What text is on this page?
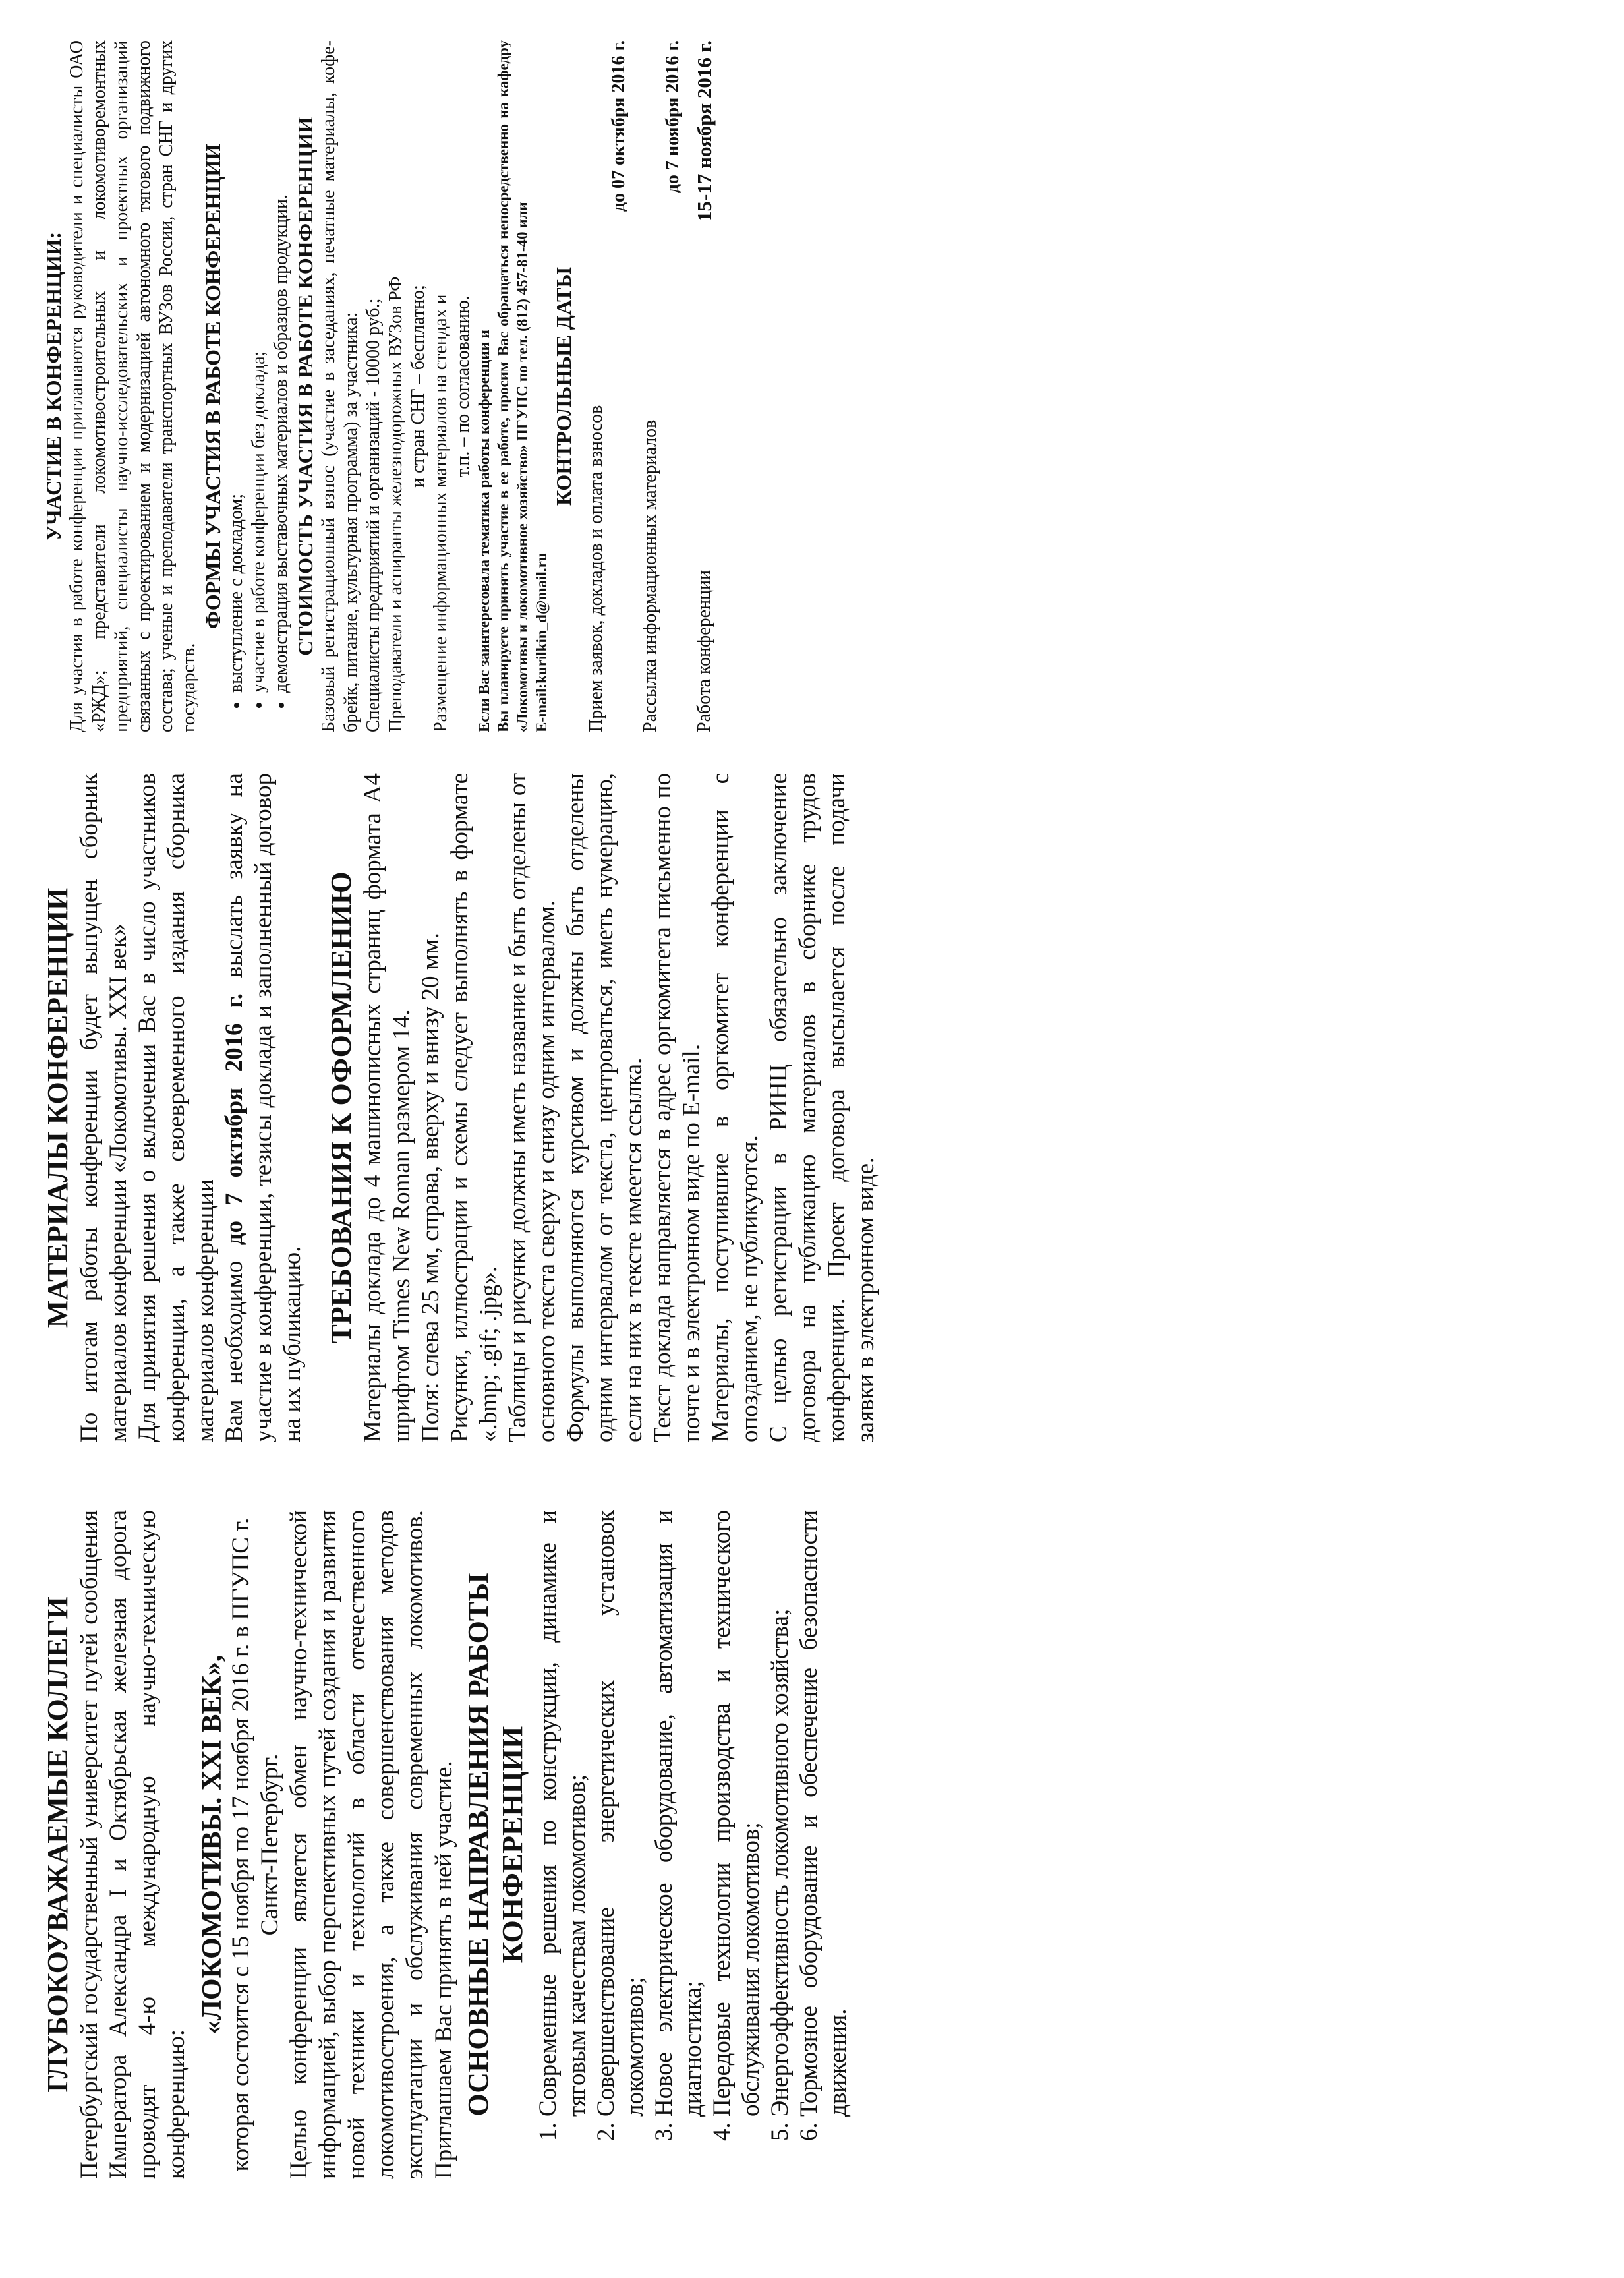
ГЛУБОКОУВАЖАЕМЫЕ КОЛЛЕГИ Петербургский государственный университет путей сообщения Императора Александра I и Октябрьская железная дорога проводят 4-ю международную научно-техническую конференцию:

«ЛОКОМОТИВЫ. XXI ВЕК», которая состоится с 15 ноября по 17 ноября 2016 г. в ПГУПС г. Санкт-Петербург. Целью конференции является обмен научно-технической информацией, выбор перспективных путей создания и развития новой техники и технологий в области отечественного локомотивостроения, а также совершенствования методов эксплуатации и обслуживания современных локомотивов. Приглашаем Вас принять в ней участие. ОСНОВНЫЕ НАПРАВЛЕНИЯ РАБОТЫ КОНФЕРЕНЦИИ 1. Современные решения по конструкции, динамике и тяговым качествам локомотивов; 2. Совершенствование энергетических установок локомотивов; 3. Новое электрическое оборудование, автоматизация и диагностика; 4. Передовые технологии производства и технического обслуживания локомотивов; 5. Энергоэффективность локомотивного хозяйства; 6. Тормозное оборудование и обеспечение безопасности движения.
МАТЕРИАЛЫ КОНФЕРЕНЦИИ По итогам работы конференции будет выпущен сборник материалов конференции «Локомотивы. XXI век» Для принятия решения о включении Вас в число участников конференции, а также своевременного издания сборника материалов конференции Вам необходимо до 7 октября 2016 г. выслать заявку на участие в конференции, тезисы доклада и заполненный договор на их публикацию.

ТРЕБОВАНИЯ К ОФОРМЛЕНИЮ Материалы доклада до 4 машинописных страниц формата А4 шрифтом Times New Roman размером 14. Поля: слева 25 мм, справа, вверху и внизу 20 мм. Рисунки, иллюстрации и схемы следует выполнять в формате «.bmp; .gif; .jpg». Таблицы и рисунки должны иметь название и быть отделены от основного текста сверху и снизу одним интервалом. Формулы выполняются курсивом и должны быть отделены одним интервалом от текста, центроваться, иметь нумерацию, если на них в тексте имеется ссылка. Текст доклада направляется в адрес оргкомитета письменно по почте и в электронном виде по E-mail. Материалы, поступившие в оргкомитет конференции с опозданием, не публикуются. С целью регистрации в РИНЦ обязательно заключение договора на публикацию материалов в сборнике трудов конференции. Проект договора высылается после подачи заявки в электронном виде.

УЧАСТИЕ В КОНФЕРЕНЦИИ: Для участия в работе конференции приглашаются руководители и специалисты ОАО «РЖД»; представители локомотивостроительных и локомотиворемонтных предприятий, специалисты научно-исследовательских и проектных организаций связанных с проектированием и модернизацией автономного тягового подвижного состава; ученые и преподаватели транспортных ВУЗов России, стран СНГ и других государств.

ФОРМЫ УЧАСТИЯ В РАБОТЕ КОНФЕРЕНЦИИ • выступление с докладом; • участие в работе конференции без доклада; • демонстрация выставочных материалов и образцов продукции. СТОИМОСТЬ УЧАСТИЯ В РАБОТЕ КОНФЕРЕНЦИИ Базовый регистрационный взнос (участие в заседаниях, печатные материалы, кофе-брейк, питание, культурная программа) за участника: Специалисты предприятий и организаций - 10000 руб.; Преподаватели и аспиранты железнодорожных ВУЗов РФ и стран СНГ – бесплатно; Размещение информационных материалов на стендах и т.п. – по согласованию. Если Вас заинтересовала тематика работы конференции и Вы планируете принять участие в ее работе, просим Вас обращаться непосредственно на кафедру «Локомотивы и локомотивное хозяйство» ПГУПС по тел. (812) 457-81-40 или E-mail:kurilkin_d@mail.ru

КОНТРОЛЬНЫЕ ДАТЫ
Прием заявок, докладов и оплата взносов
до 07 октября 2016 г.
Рассылка информационных материалов
до 7 ноября 2016 г.
Работа конференции
15-17 ноября 2016 г.
